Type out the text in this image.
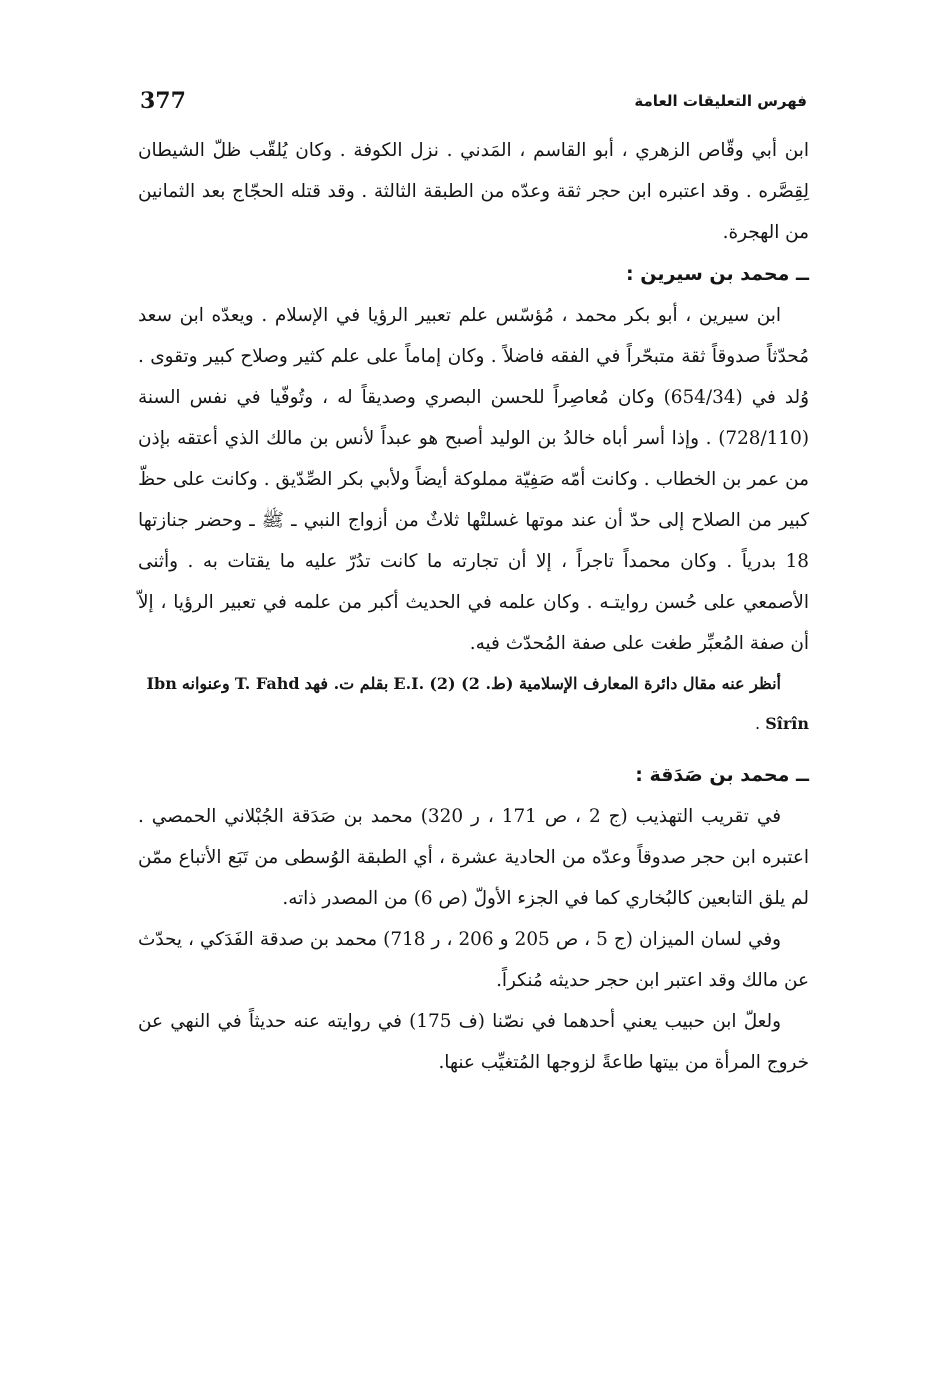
377	فهرس التعليقات العامة

ابن أبي وقّاص الزهري ، أبو القاسم ، المَدني . نزل الكوفة . وكان يُلقّب ظلّ الشيطان لِقِصَّره . وقد اعتبره ابن حجر ثقة وعدّه من الطبقة الثالثة . وقد قتله الحجّاج بعد الثمانين من الهجرة.

ــ محمد بن سيرين :

ابن سيرين ، أبو بكر محمد ، مُؤسّس علم تعبير الرؤيا في الإسلام . ويعدّه ابن سعد مُحدّثاً صدوقاً ثقة متبحّراً في الفقه فاضلاً . وكان إماماً على علم كثير وصلاح كبير وتقوى . وُلد في (654/34) وكان مُعاصِراً للحسن البصري وصديقاً له ، وتُوفّيا في نفس السنة (728/110) . وإذا أسر أباه خالدُ بن الوليد أصبح هو عبداً لأنس بن مالك الذي أعتقه بإذن من عمر بن الخطاب . وكانت أمّه صَفِيّة مملوكة أيضاً ولأبي بكر الصِّدّيق . وكانت على حظّ كبير من الصلاح إلى حدّ أن عند موتها غسلتْها ثلاثٌ من أزواج النبي ـ ﷺ ـ وحضر جنازتها 18 بدرياً . وكان محمداً تاجراً ، إلا أن تجارته ما كانت تدُرّ عليه ما يقتات به . وأثنى الأصمعي على حُسن روايتـه . وكان علمه في الحديث أكبر من علمه في تعبير الرؤيا ، إلاّ أن صفة المُعبِّر طغت على صفة المُحدّث فيه.

أنظر عنه مقال دائرة المعارف الإسلامية (ط. 2) (2) E.I. بقلم ت. فهد T. Fahd وعنوانه Ibn Sîrîn .

ــ محمد بن صَدَقة :

في تقريب التهذيب (ج 2 ، ص 171 ، ر 320) محمد بن صَدَقة الجُبْلاني الحمصي . اعتبره ابن حجر صدوقاً وعدّه من الحادية عشرة ، أي الطبقة الوُسطى من تَبَع الأتباع ممّن لم يلق التابعين كالبُخاري كما في الجزء الأولّ (ص 6) من المصدر ذاته.

وفي لسان الميزان (ج 5 ، ص 205 و 206 ، ر 718) محمد بن صدقة الفَدَكي ، يحدّث عن مالك وقد اعتبر ابن حجر حديثه مُنكراً.

ولعلّ ابن حبيب يعني أحدهما في نصّنا (ف 175) في روايته عنه حديثاً في النهي عن خروج المرأة من بيتها طاعةً لزوجها المُتغيِّب عنها.
